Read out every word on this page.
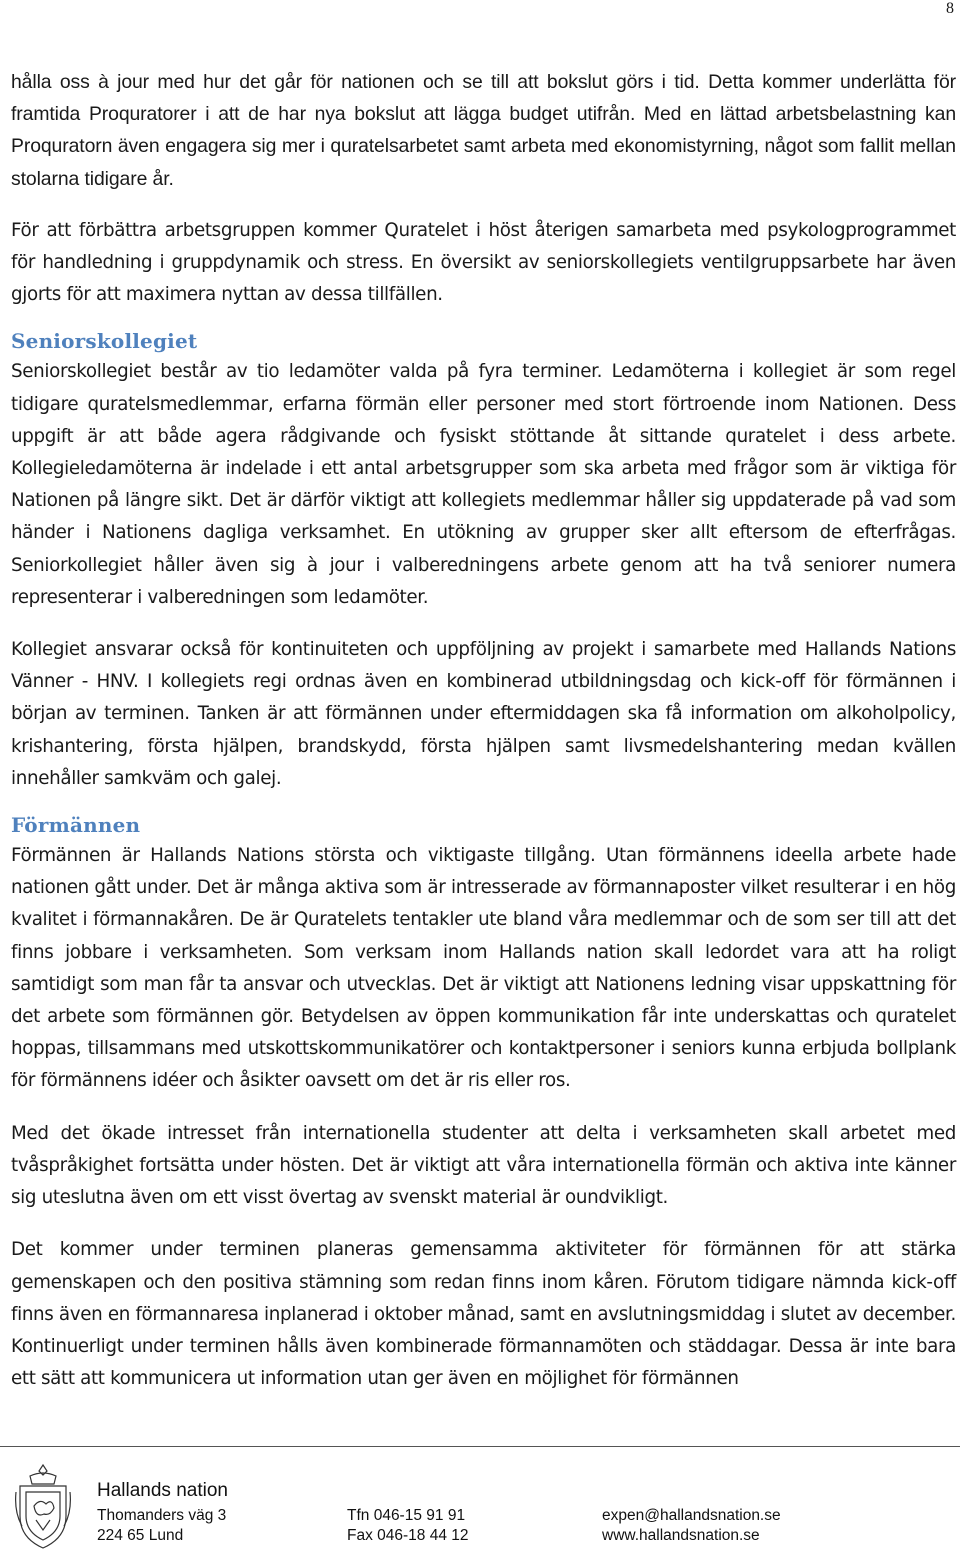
8

hålla oss à jour med hur det går för nationen och se till att bokslut görs i tid. Detta kommer underlätta för framtida Proquratorer i att de har nya bokslut att lägga budget utifrån. Med en lättad arbetsbelastning kan Proquratorn även engagera sig mer i quratelsarbetet samt arbeta med ekonomistyrning, något som fallit mellan stolarna tidigare år.

För att förbättra arbetsgruppen kommer Quratelet i höst återigen samarbeta med psykologprogrammet för handledning i gruppdynamik och stress. En översikt av seniorskollegiets ventilgruppsarbete har även gjorts för att maximera nyttan av dessa tillfällen.

Seniorskollegiet

Seniorskollegiet består av tio ledamöter valda på fyra terminer. Ledamöterna i kollegiet är som regel tidigare quratelsmedlemmar, erfarna förmän eller personer med stort förtroende inom Nationen. Dess uppgift är att både agera rådgivande och fysiskt stöttande åt sittande quratelet i dess arbete. Kollegieledamöterna är indelade i ett antal arbetsgrupper som ska arbeta med frågor som är viktiga för Nationen på längre sikt. Det är därför viktigt att kollegiets medlemmar håller sig uppdaterade på vad som händer i Nationens dagliga verksamhet. En utökning av grupper sker allt eftersom de efterfrågas. Seniorkollegiet håller även sig à jour i valberedningens arbete genom att ha två seniorer numera representerar i valberedningen som ledamöter.

Kollegiet ansvarar också för kontinuiteten och uppföljning av projekt i samarbete med Hallands Nations Vänner - HNV. I kollegiets regi ordnas även en kombinerad utbildningsdag och kick-off för förmännen i början av terminen. Tanken är att förmännen under eftermiddagen ska få information om alkoholpolicy, krishantering, första hjälpen, brandskydd, första hjälpen samt livsmedelshantering medan kvällen innehåller samkväm och galej.

Förmännen

Förmännen är Hallands Nations största och viktigaste tillgång. Utan förmännens ideella arbete hade nationen gått under. Det är många aktiva som är intresserade av förmannaposter vilket resulterar i en hög kvalitet i förmannakåren. De är Quratelets tentakler ute bland våra medlemmar och de som ser till att det finns jobbare i verksamheten. Som verksam inom Hallands nation skall ledordet vara att ha roligt samtidigt som man får ta ansvar och utvecklas. Det är viktigt att Nationens ledning visar uppskattning för det arbete som förmännen gör. Betydelsen av öppen kommunikation får inte underskattas och quratelet hoppas, tillsammans med utskottskommunikatörer och kontaktpersoner i seniors kunna erbjuda bollplank för förmännens idéer och åsikter oavsett om det är ris eller ros.

Med det ökade intresset från internationella studenter att delta i verksamheten skall arbetet med tvåspråkighet fortsätta under hösten. Det är viktigt att våra internationella förmän och aktiva inte känner sig uteslutna även om ett visst övertag av svenskt material är oundvikligt.

Det kommer under terminen planeras gemensamma aktiviteter för förmännen för att stärka gemenskapen och den positiva stämning som redan finns inom kåren. Förutom tidigare nämnda kick-off finns även en förmannaresa inplanerad i oktober månad, samt en avslutningsmiddag i slutet av december. Kontinuerligt under terminen hålls även kombinerade förmannamöten och städdagar. Dessa är inte bara ett sätt att kommunicera ut information utan ger även en möjlighet för förmännen

Hallands nation
Thomanders väg 3
224 65 Lund
Tfn 046-15 91 91
Fax 046-18 44 12
expen@hallandsnation.se
www.hallandsnation.se
